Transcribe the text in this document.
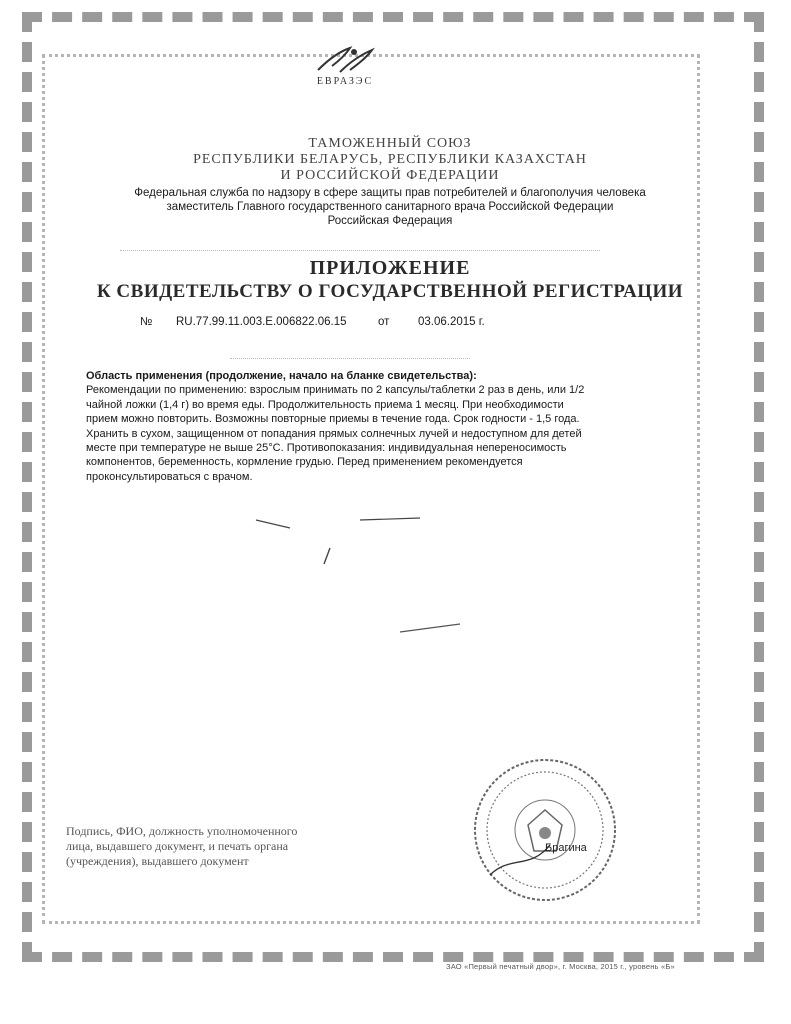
ЕВРАЗЭС
ТАМОЖЕННЫЙ СОЮЗ
РЕСПУБЛИКИ БЕЛАРУСЬ, РЕСПУБЛИКИ КАЗАХСТАН
И РОССИЙСКОЙ ФЕДЕРАЦИИ
Федеральная служба по надзору в сфере защиты прав потребителей и благополучия человека
заместитель Главного государственного санитарного врача Российской Федерации
Российская Федерация
ПРИЛОЖЕНИЕ
К СВИДЕТЕЛЬСТВУ О ГОСУДАРСТВЕННОЙ РЕГИСТРАЦИИ
№ RU.77.99.11.003.E.006822.06.15	от 03.06.2015 г.
Область применения (продолжение, начало на бланке свидетельства):
Рекомендации по применению: взрослым принимать по 2 капсулы/таблетки 2 раз в день, или 1/2
чайной ложки (1,4 г) во время еды. Продолжительность приема 1 месяц. При необходимости
прием можно повторить. Возможны повторные приемы в течение года. Срок годности - 1,5 года.
Хранить в сухом, защищенном от попадания прямых солнечных лучей и недоступном для детей
месте при температуре не выше 25°С. Противопоказания: индивидуальная непереносимость
компонентов, беременность, кормление грудью. Перед применением рекомендуется
проконсультироваться с врачом.
Подпись, ФИО, должность уполномоченного
лица, выдавшего документ, и печать органа
(учреждения), выдавшего документ
Брагина
ЗАО «Первый печатный двор», г. Москва, 2015 г., уровень «Б»
